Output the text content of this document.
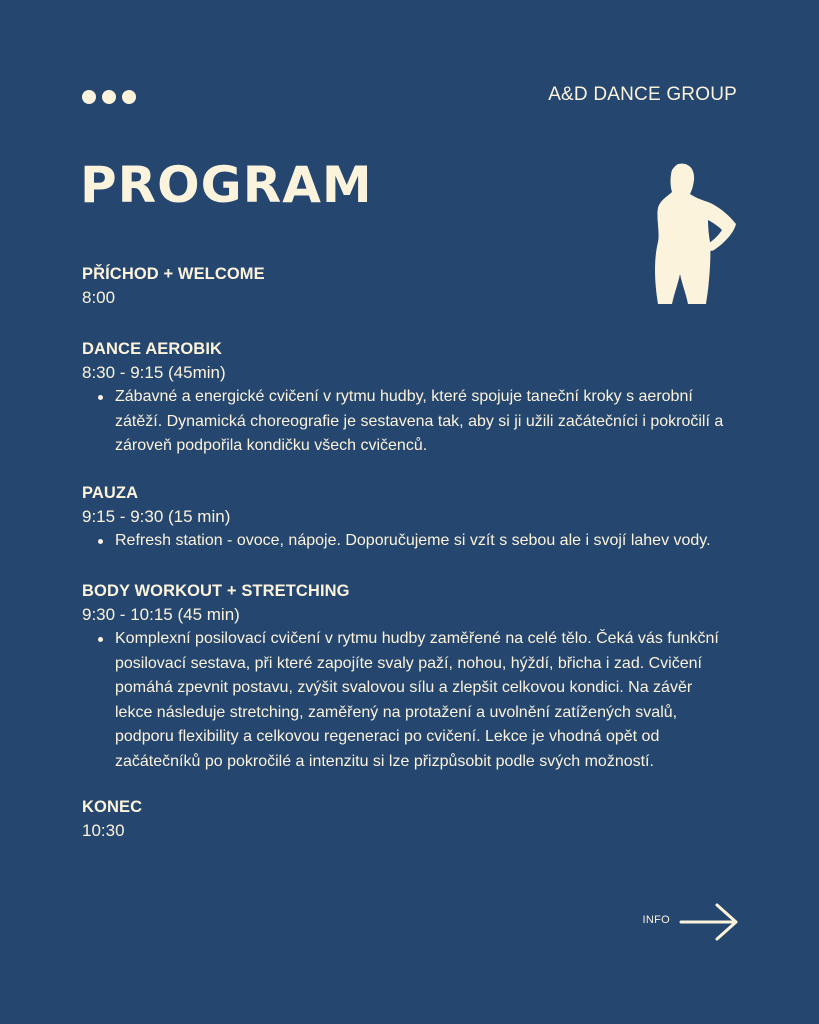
A&D DANCE GROUP
PROGRAM
PŘÍCHOD + WELCOME
8:00
DANCE AEROBIK
8:30 - 9:15 (45min)
Zábavné a energické cvičení v rytmu hudby, které spojuje taneční kroky s aerobní zátěží. Dynamická choreografie je sestavena tak, aby si ji užili začátečníci i pokročilí a zároveň podpořila kondičku všech cvičenců.
PAUZA
9:15 - 9:30 (15 min)
Refresh station - ovoce, nápoje. Doporučujeme si vzít s sebou ale i svojí lahev vody.
BODY WORKOUT + STRETCHING
9:30 - 10:15 (45 min)
Komplexní posilovací cvičení v rytmu hudby zaměřené na celé tělo. Čeká vás funkční posilovací sestava, při které zapojíte svaly paží, nohou, hýždí, břicha i zad. Cvičení pomáhá zpevnit postavu, zvýšit svalovou sílu a zlepšit celkovou kondici. Na závěr lekce následuje stretching, zaměřený na protažení a uvolnění zatížených svalů, podporu flexibility a celkovou regeneraci po cvičení. Lekce je vhodná opět od začátečníků po pokročilé a intenzitu si lze přizpůsobit podle svých možností.
KONEC
10:30
INFO
